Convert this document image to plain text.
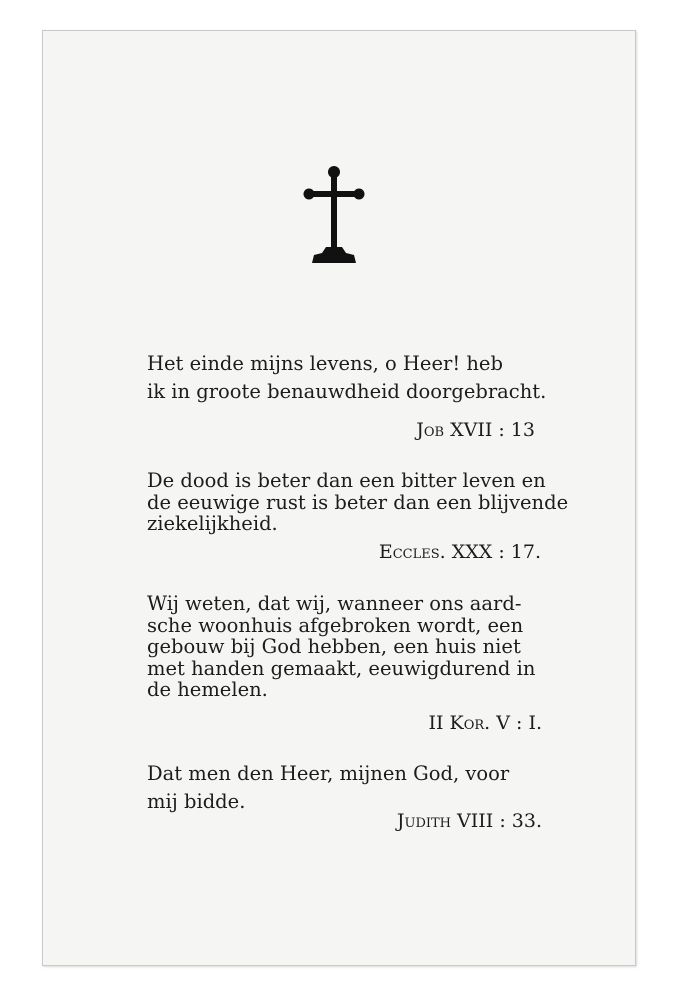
Het einde mijns levens, o Heer! heb
ik in groote benauwdheid doorgebracht.
Job XVII : 13
De dood is beter dan een bitter leven en
de eeuwige rust is beter dan een blijvende
ziekelijkheid.
Eccles. XXX : 17.
Wij weten, dat wij, wanneer ons aard-
sche woonhuis afgebroken wordt, een
gebouw bij God hebben, een huis niet
met handen gemaakt, eeuwigdurend in
de hemelen.
II Kor. V : I.
Dat men den Heer, mijnen God, voor
mij bidde.
Judith VIII : 33.
